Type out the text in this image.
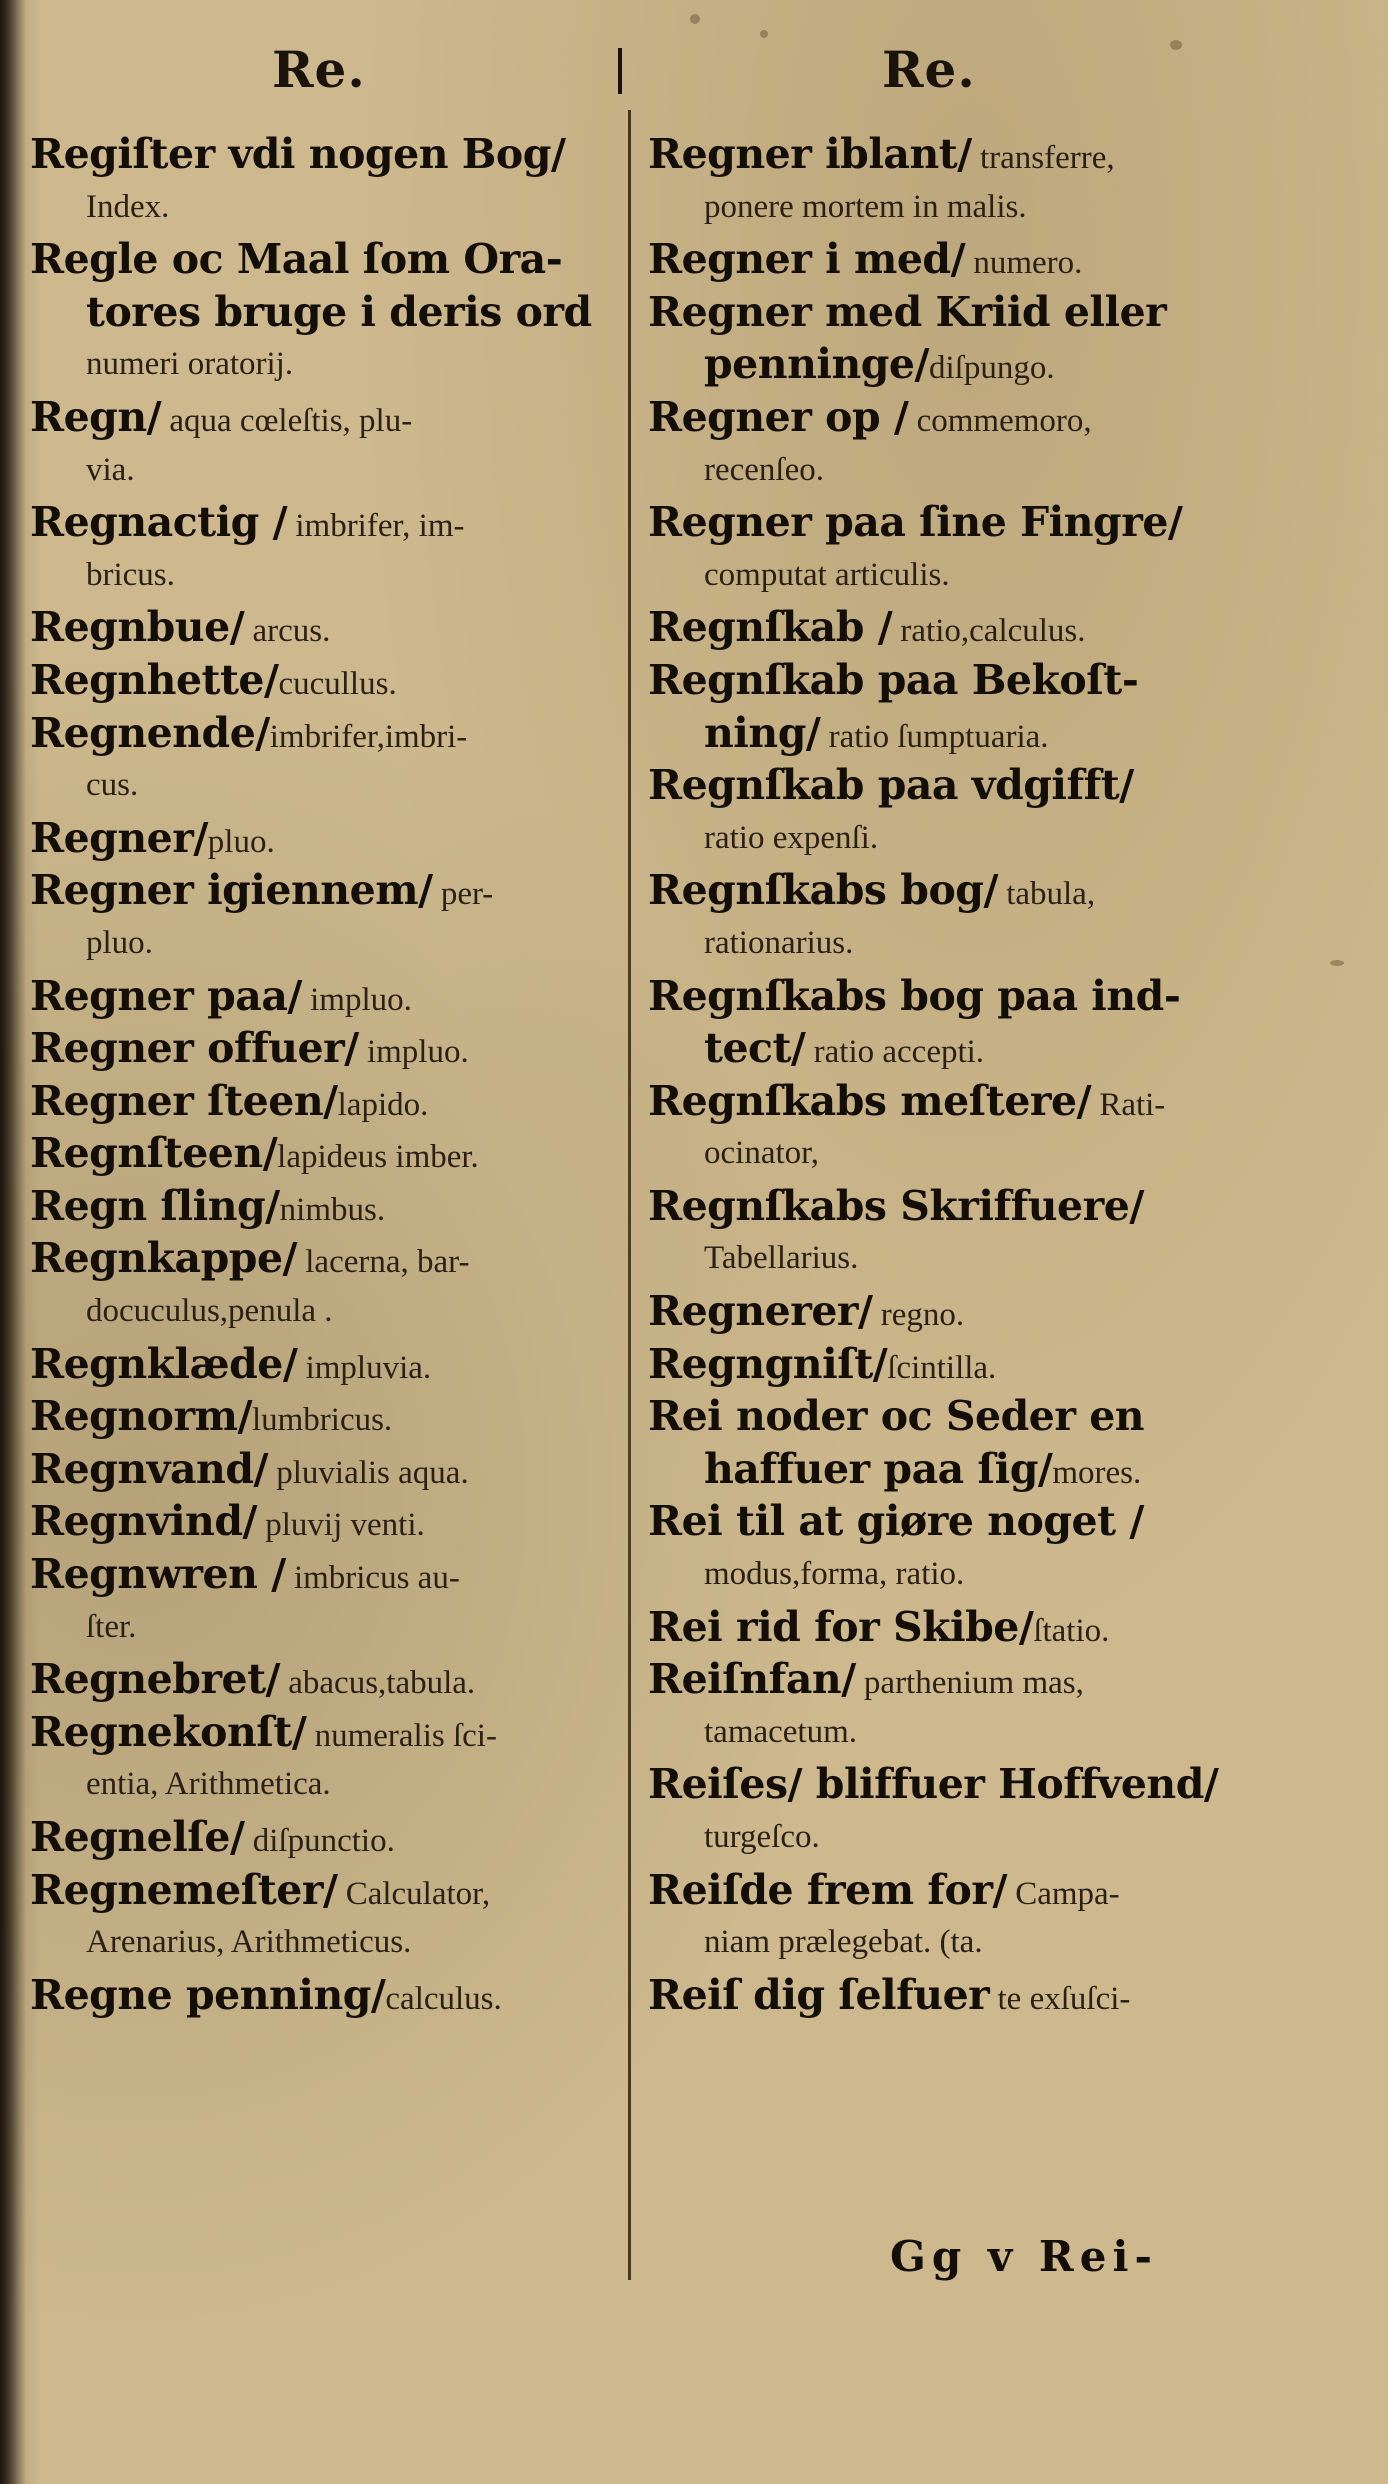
Re.	Re.
Regiſter vdi nogen Bog/
Index.
Regle oc Maal ſom Ora-
tores bruge i deris ord
numeri oratorij.
Regn/ aqua cœleſtis, plu-
via.
Regnactig / imbrifer, im-
bricus.
Regnbue/ arcus.
Regnhette/cucullus.
Regnende/imbrifer,imbri-
cus.
Regner/pluo.
Regner igiennem/ per-
pluo.
Regner paa/ impluo.
Regner offuer/ impluo.
Regner ſteen/lapido.
Regnſteen/lapideus imber.
Regn ſling/nimbus.
Regnkappe/ lacerna, bar-
docuculus,penula .
Regnklæde/ impluvia.
Regnorm/lumbricus.
Regnvand/ pluvialis aqua.
Regnvind/ pluvij venti.
Regnwren / imbricus au-
ſter.
Regnebret/ abacus,tabula.
Regnekonſt/ numeralis ſci-
entia, Arithmetica.
Regnelſe/ diſpunctio.
Regnemeſter/ Calculator,
Arenarius, Arithmeticus.
Regne penning/calculus.
Regner iblant/ transferre,
ponere mortem in malis.
Regner i med/ numero.
Regner med Kriid eller
penninge/diſpungo.
Regner op / commemoro,
recenſeo.
Regner paa ſine Fingre/
computat articulis.
Regnſkab / ratio,calculus.
Regnſkab paa Bekoſt-
ning/ ratio ſumptuaria.
Regnſkab paa vdgifft/
ratio expenſi.
Regnſkabs bog/ tabula,
rationarius.
Regnſkabs bog paa ind-
tect/ ratio accepti.
Regnſkabs meſtere/ Rati-
ocinator,
Regnſkabs Skriffuere/
Tabellarius.
Regnerer/ regno.
Regngniſt/ſcintilla.
Rei noder oc Seder en
haffuer paa ſig/mores.
Rei til at giøre noget /
modus,forma, ratio.
Rei rid for Skibe/ſtatio.
Reiſnfan/ parthenium mas,
tamacetum.
Reiſes/ bliffuer Hoffvend/
turgeſco.
Reiſde frem for/ Campa-
niam prælegebat. (ta.
Reiſ dig ſelfuer te exſuſci-
Gg v Rei-
